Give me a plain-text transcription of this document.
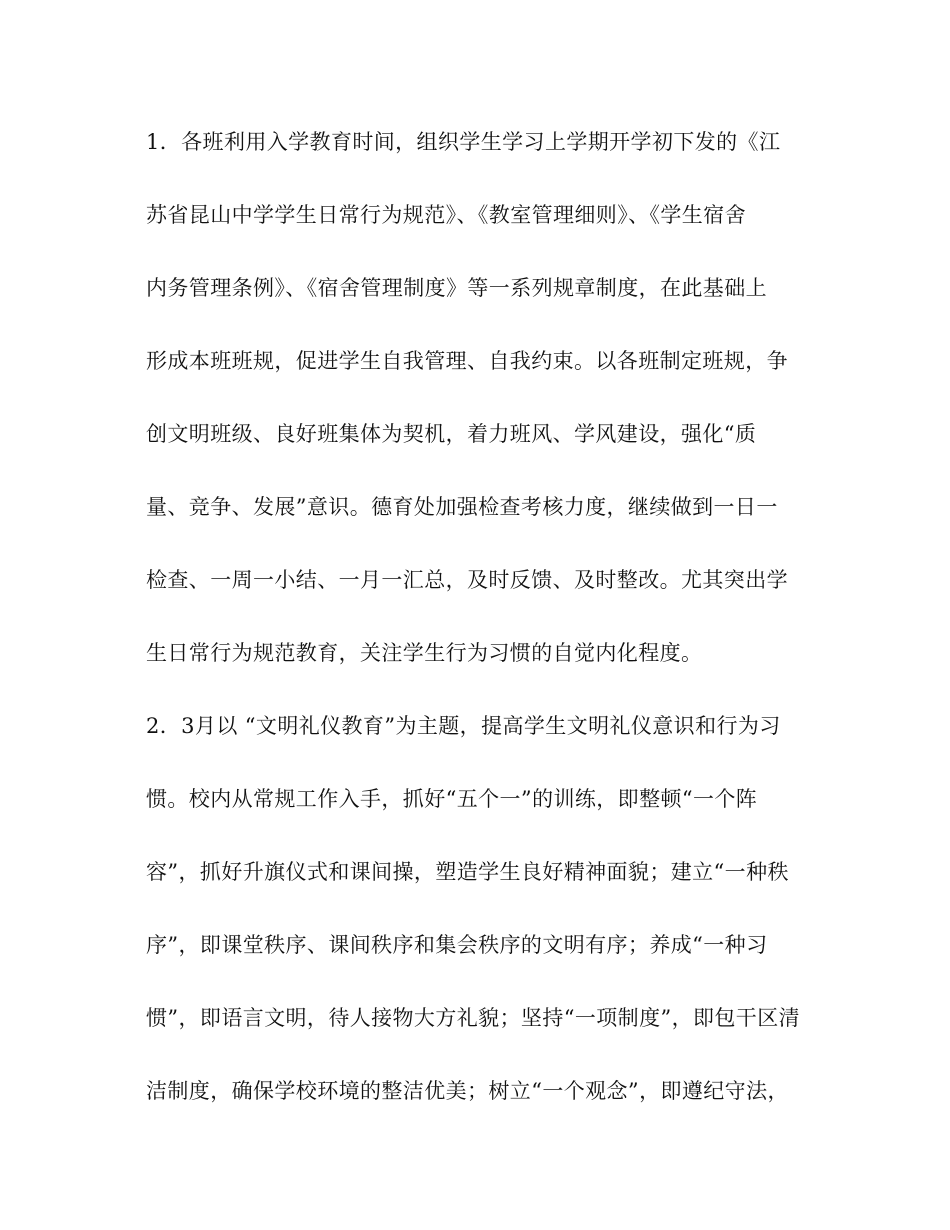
1．各班利用入学教育时间，组织学生学习上学期开学初下发的《江

苏省昆山中学学生日常行为规范》、《教室管理细则》、《学生宿舍

内务管理条例》、《宿舍管理制度》等一系列规章制度，在此基础上

形成本班班规，促进学生自我管理、自我约束。以各班制定班规，争

创文明班级、良好班集体为契机，着力班风、学风建设，强化“质

量、竞争、发展”意识。德育处加强检查考核力度，继续做到一日一

检查、一周一小结、一月一汇总，及时反馈、及时整改。尤其突出学

生日常行为规范教育，关注学生行为习惯的自觉内化程度。

2．3月以 “文明礼仪教育”为主题，提高学生文明礼仪意识和行为习

惯。校内从常规工作入手，抓好“五个一”的训练，即整顿“一个阵

容”，抓好升旗仪式和课间操，塑造学生良好精神面貌；建立“一种秩

序”，即课堂秩序、课间秩序和集会秩序的文明有序；养成“一种习

惯”，即语言文明，待人接物大方礼貌；坚持“一项制度”，即包干区清

洁制度，确保学校环境的整洁优美；树立“一个观念”，即遵纪守法，
